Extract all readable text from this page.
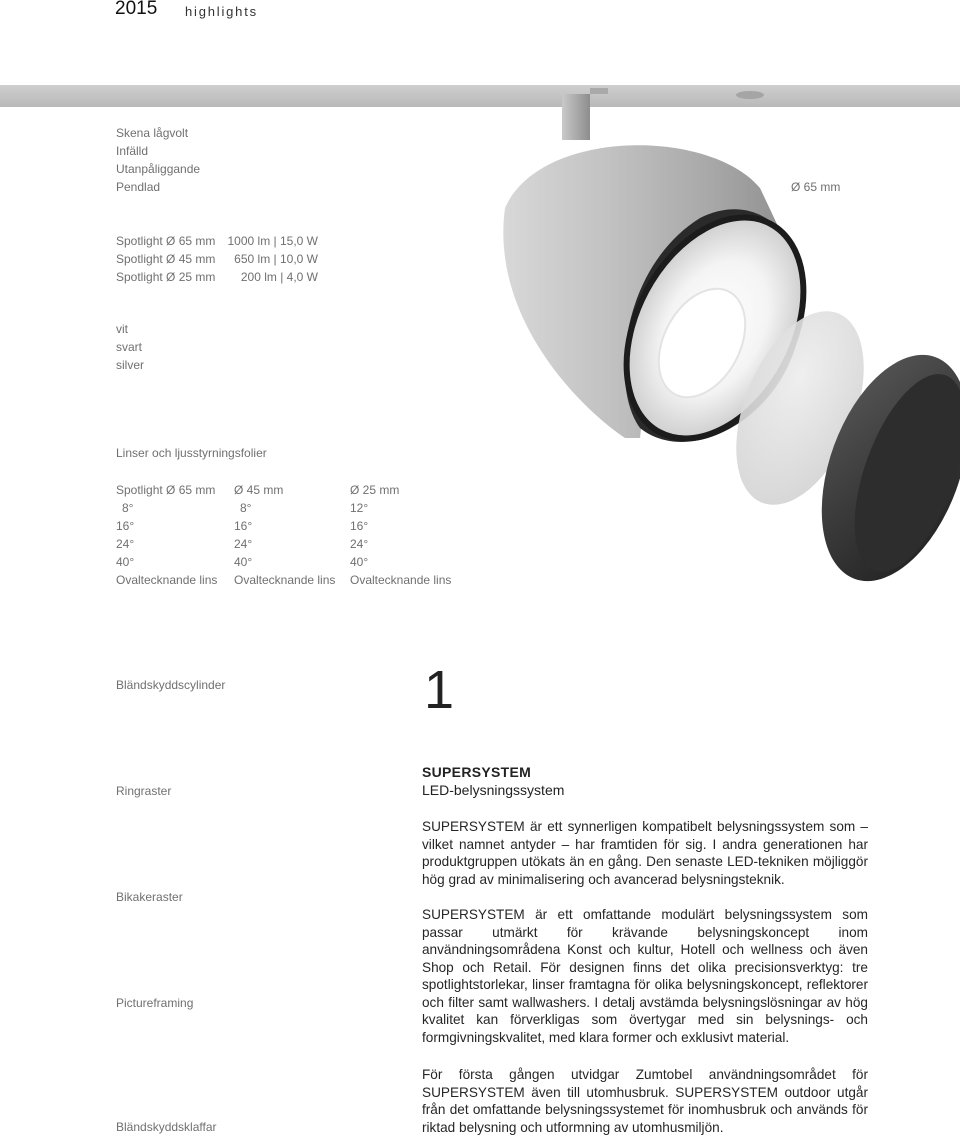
2015 highlights
Skena lågvolt
Infälld
Utanpåliggande
Pendlad	Ø 65 mm
Spotlight Ø 65 mm
Spotlight Ø 45 mm
Spotlight Ø 25 mm
1000 lm | 15,0 W
650 lm | 10,0 W
200 lm | 4,0 W
vit
svart
silver
Linser och ljusstyrningsfolier
Spotlight Ø 65 mm
8°
16°
24°
40°
Ovaltecknande lins
Ø 45 mm
8°
16°
24°
40°
Ovaltecknande lins
Ø 25 mm
12°
16°
24°
40°
Ovaltecknande lins
Bländskyddscylinder	1
Ringraster
Bikakeraster
Pictureframing
Bländskyddsklaffar
SUPERSYSTEM
LED-belysningssystem
SUPERSYSTEM är ett synnerligen kompatibelt belysningssystem som – vilket namnet antyder – har framtiden för sig. I andra generationen har produktgruppen utökats än en gång. Den senaste LED-tekniken möjliggör hög grad av minimalisering och avancerad belysningsteknik.
SUPERSYSTEM är ett omfattande modulärt belysningssystem som passar utmärkt för krävande belysningskoncept inom användningsområdena Konst och kultur, Hotell och wellness och även Shop och Retail. För designen finns det olika precisionsverktyg: tre spotlightstorlekar, linser framtagna för olika belysningskoncept, reflektorer och filter samt wallwashers. I detalj avstämda belysningslösningar av hög kvalitet kan förverkligas som övertygar med sin belysnings- och formgivningskvalitet, med klara former och exklusivt material.
För första gången utvidgar Zumtobel användningsområdet för SUPERSYSTEM även till utomhusbruk. SUPERSYSTEM outdoor utgår från det omfattande belysningssystemet för inomhusbruk och används för riktad belysning och utformning av utomhusmiljön.
